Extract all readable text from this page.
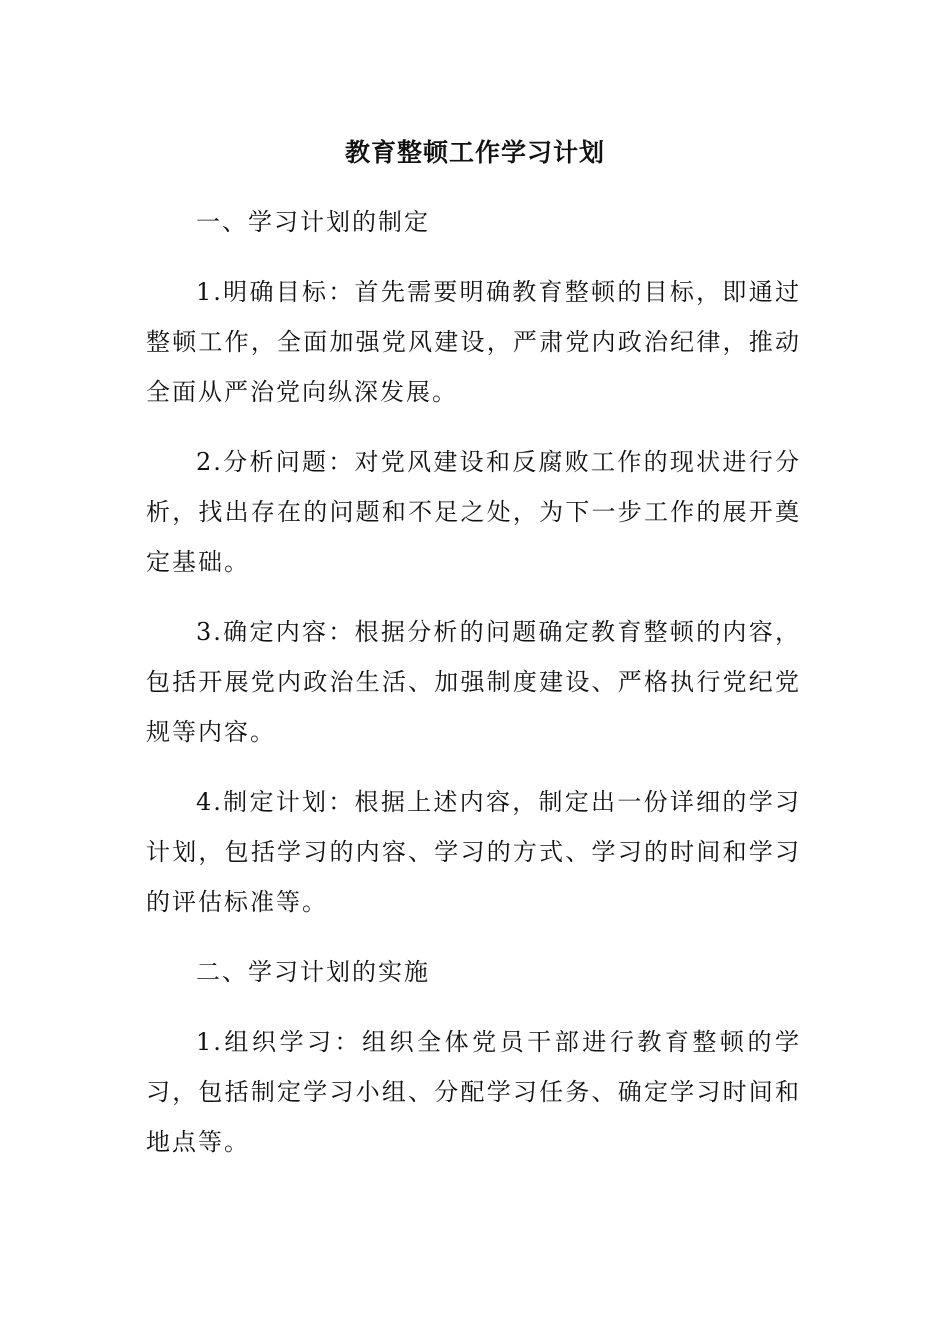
教育整顿工作学习计划

一、学习计划的制定

1.明确目标：首先需要明确教育整顿的目标，即通过整顿工作，全面加强党风建设，严肃党内政治纪律，推动全面从严治党向纵深发展。

2.分析问题：对党风建设和反腐败工作的现状进行分析，找出存在的问题和不足之处，为下一步工作的展开奠定基础。

3.确定内容：根据分析的问题确定教育整顿的内容，包括开展党内政治生活、加强制度建设、严格执行党纪党规等内容。

4.制定计划：根据上述内容，制定出一份详细的学习计划，包括学习的内容、学习的方式、学习的时间和学习的评估标准等。

二、学习计划的实施

1.组织学习：组织全体党员干部进行教育整顿的学习，包括制定学习小组、分配学习任务、确定学习时间和地点等。
